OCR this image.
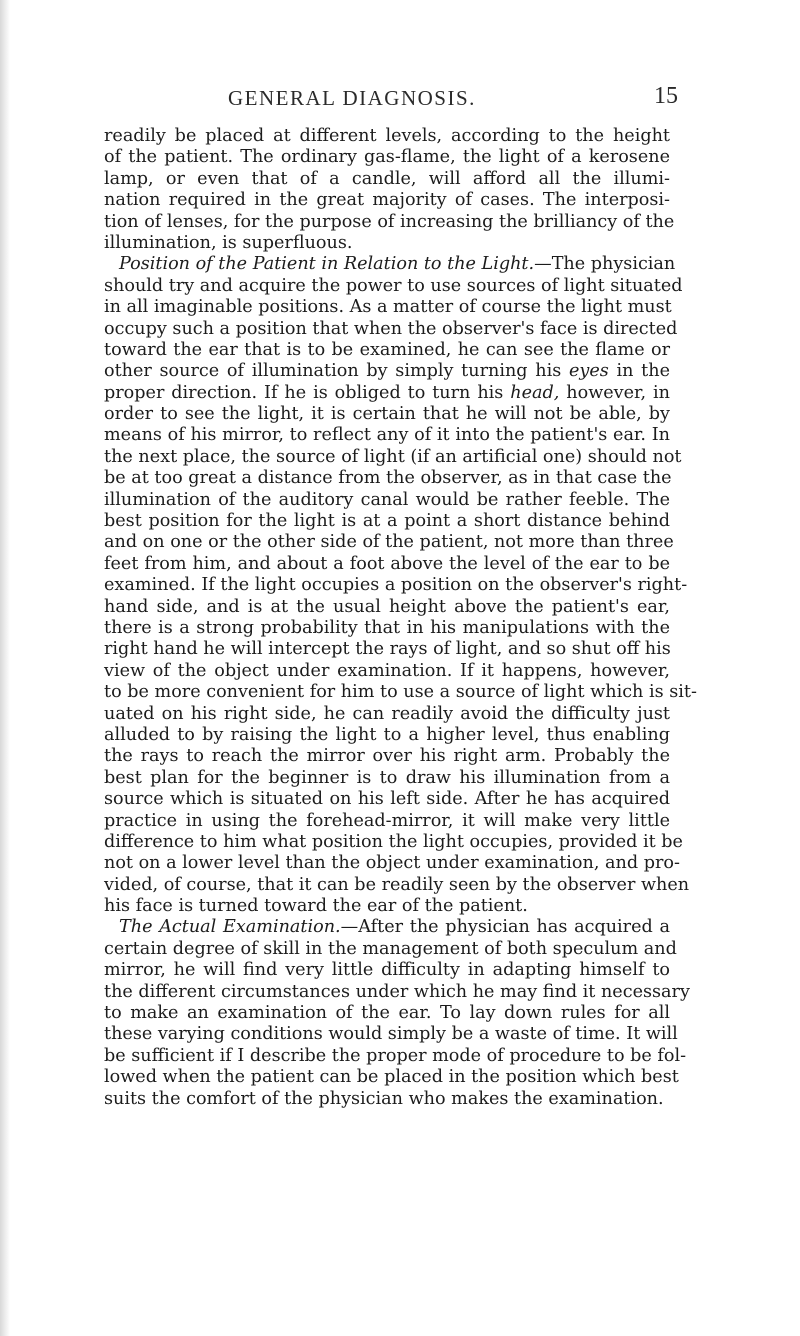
GENERAL DIAGNOSIS.	15
readily be placed at different levels, according to the height
of the patient. The ordinary gas-flame, the light of a kerosene
lamp, or even that of a candle, will afford all the illumi-
nation required in the great majority of cases. The interposi-
tion of lenses, for the purpose of increasing the brilliancy of the
illumination, is superfluous.
Position of the Patient in Relation to the Light.—The physician
should try and acquire the power to use sources of light situated
in all imaginable positions. As a matter of course the light must
occupy such a position that when the observer's face is directed
toward the ear that is to be examined, he can see the flame or
other source of illumination by simply turning his eyes in the
proper direction. If he is obliged to turn his head, however, in
order to see the light, it is certain that he will not be able, by
means of his mirror, to reflect any of it into the patient's ear. In
the next place, the source of light (if an artificial one) should not
be at too great a distance from the observer, as in that case the
illumination of the auditory canal would be rather feeble. The
best position for the light is at a point a short distance behind
and on one or the other side of the patient, not more than three
feet from him, and about a foot above the level of the ear to be
examined. If the light occupies a position on the observer's right-
hand side, and is at the usual height above the patient's ear,
there is a strong probability that in his manipulations with the
right hand he will intercept the rays of light, and so shut off his
view of the object under examination. If it happens, however,
to be more convenient for him to use a source of light which is sit-
uated on his right side, he can readily avoid the difficulty just
alluded to by raising the light to a higher level, thus enabling
the rays to reach the mirror over his right arm. Probably the
best plan for the beginner is to draw his illumination from a
source which is situated on his left side. After he has acquired
practice in using the forehead-mirror, it will make very little
difference to him what position the light occupies, provided it be
not on a lower level than the object under examination, and pro-
vided, of course, that it can be readily seen by the observer when
his face is turned toward the ear of the patient.
The Actual Examination.—After the physician has acquired a
certain degree of skill in the management of both speculum and
mirror, he will find very little difficulty in adapting himself to
the different circumstances under which he may find it necessary
to make an examination of the ear. To lay down rules for all
these varying conditions would simply be a waste of time. It will
be sufficient if I describe the proper mode of procedure to be fol-
lowed when the patient can be placed in the position which best
suits the comfort of the physician who makes the examination.
